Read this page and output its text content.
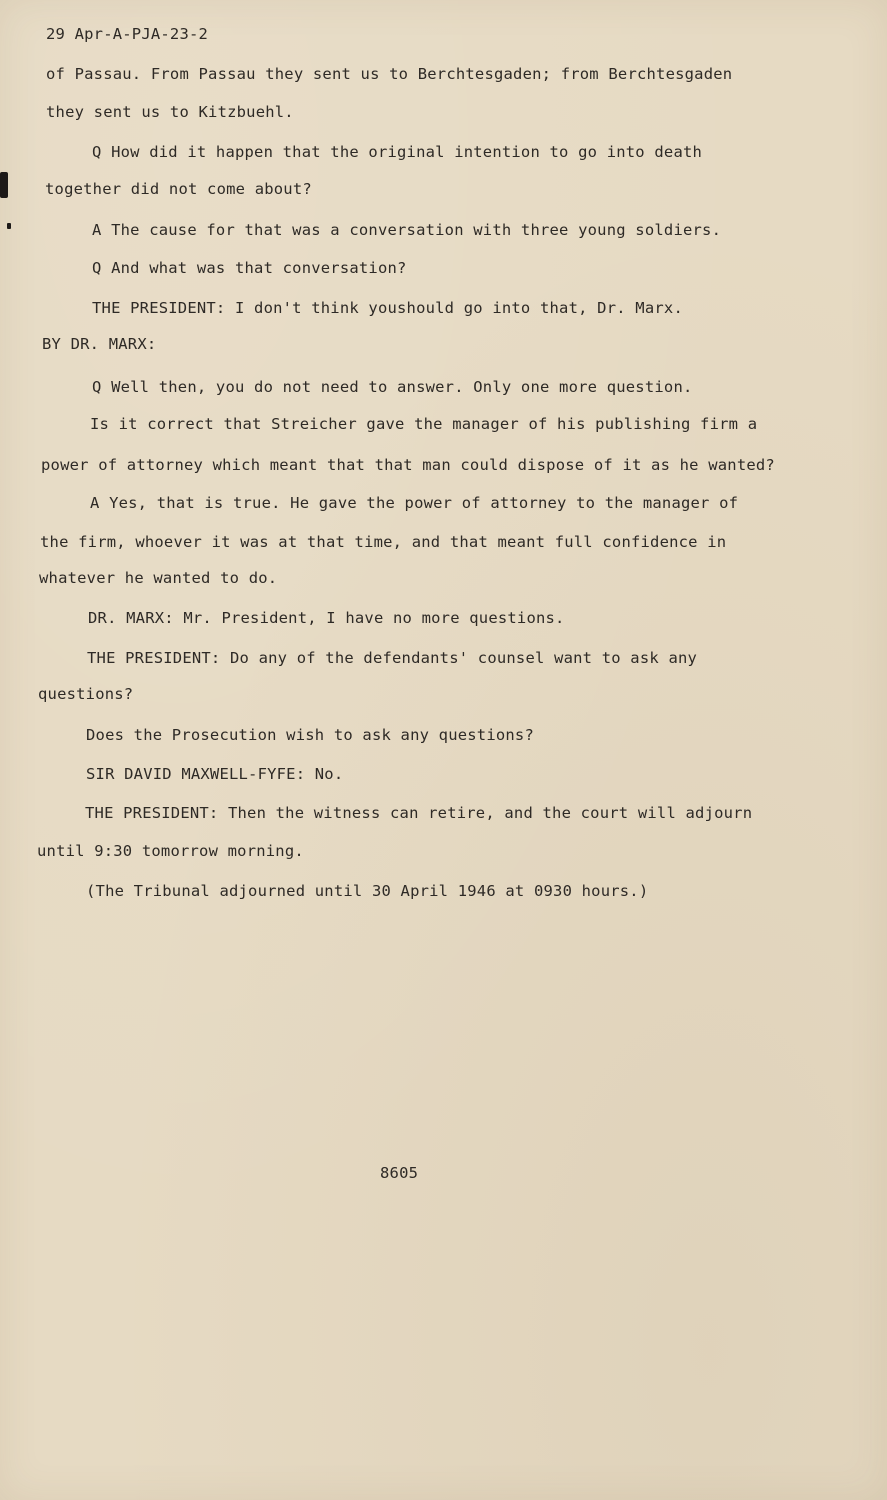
29 Apr-A-PJA-23-2
of Passau. From Passau they sent us to Berchtesgaden; from Berchtesgaden
they sent us to Kitzbuehl.
Q How did it happen that the original intention to go into death
together did not come about?
A The cause for that was a conversation with three young soldiers.
Q And what was that conversation?
THE PRESIDENT: I don't think youshould go into that, Dr. Marx.
BY DR. MARX:
Q Well then, you do not need to answer. Only one more question.
Is it correct that Streicher gave the manager of his publishing firm a
power of attorney which meant that that man could dispose of it as he wanted?
A Yes, that is true. He gave the power of attorney to the manager of
the firm, whoever it was at that time, and that meant full confidence in
whatever he wanted to do.
DR. MARX: Mr. President, I have no more questions.
THE PRESIDENT: Do any of the defendants' counsel want to ask any
questions?
Does the Prosecution wish to ask any questions?
SIR DAVID MAXWELL-FYFE: No.
THE PRESIDENT: Then the witness can retire, and the court will adjourn
until 9:30 tomorrow morning.
(The Tribunal adjourned until 30 April 1946 at 0930 hours.)
8605
